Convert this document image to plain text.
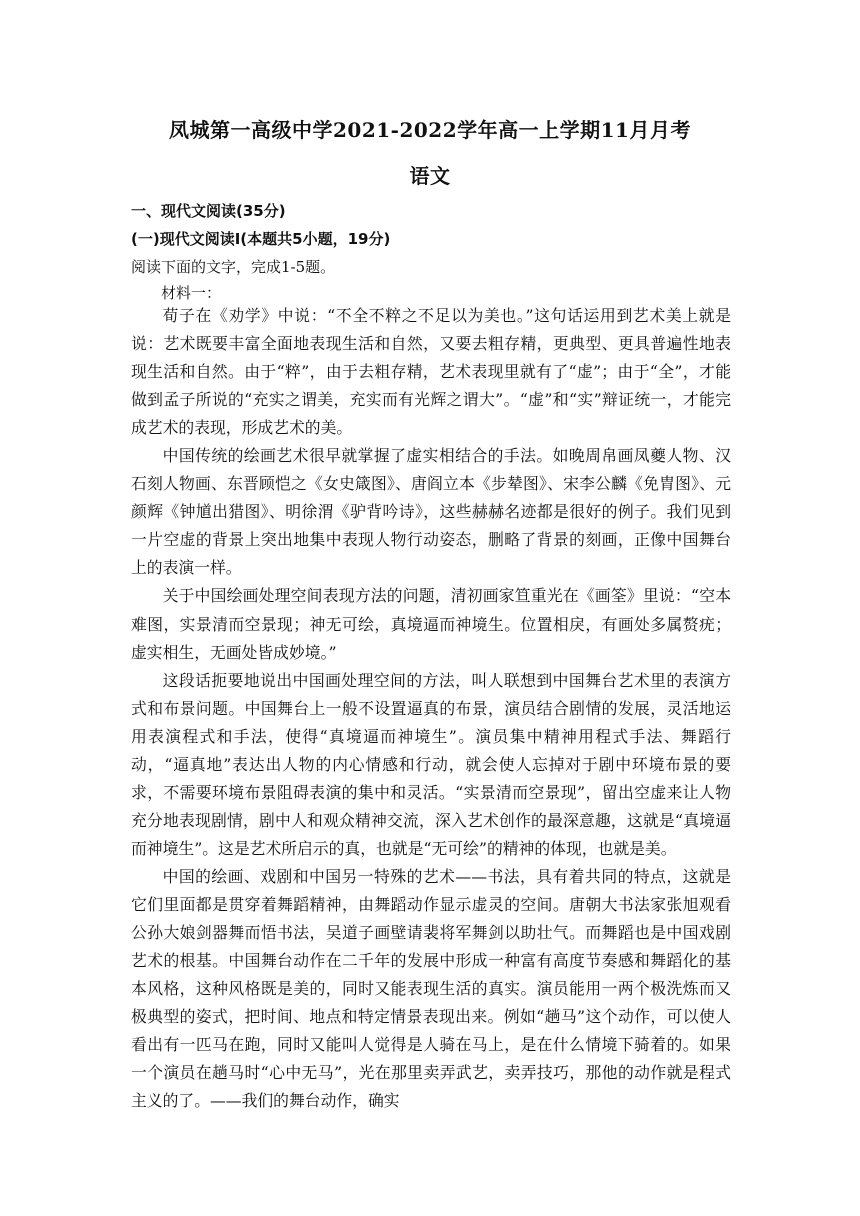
凤城第一高级中学2021-2022学年高一上学期11月月考
语文
一、现代文阅读(35分)
(一)现代文阅读Ⅰ(本题共5小题，19分)
阅读下面的文字，完成1-5题。
材料一：

荀子在《劝学》中说：“不全不粹之不足以为美也。”这句话运用到艺术美上就是说：艺术既要丰富全面地表现生活和自然，又要去粗存精，更典型、更具普遍性地表现生活和自然。由于“粹”，由于去粗存精，艺术表现里就有了“虚”；由于“全”，才能做到孟子所说的“充实之谓美，充实而有光辉之谓大”。“虚”和“实”辩证统一，才能完成艺术的表现，形成艺术的美。

中国传统的绘画艺术很早就掌握了虚实相结合的手法。如晚周帛画凤夔人物、汉石刻人物画、东晋顾恺之《女史箴图》、唐阎立本《步辇图》、宋李公麟《免胄图》、元颜辉《钟馗出猎图》、明徐渭《驴背吟诗》，这些赫赫名迹都是很好的例子。我们见到一片空虚的背景上突出地集中表现人物行动姿态，删略了背景的刻画，正像中国舞台上的表演一样。

关于中国绘画处理空间表现方法的问题，清初画家笪重光在《画筌》里说：“空本难图，实景清而空景现；神无可绘，真境逼而神境生。位置相戾，有画处多属赘疣；虚实相生，无画处皆成妙境。”

这段话扼要地说出中国画处理空间的方法，叫人联想到中国舞台艺术里的表演方式和布景问题。中国舞台上一般不设置逼真的布景，演员结合剧情的发展，灵活地运用表演程式和手法，使得“真境逼而神境生”。演员集中精神用程式手法、舞蹈行动，“逼真地”表达出人物的内心情感和行动，就会使人忘掉对于剧中环境布景的要求，不需要环境布景阻碍表演的集中和灵活。“实景清而空景现”，留出空虚来让人物充分地表现剧情，剧中人和观众精神交流，深入艺术创作的最深意趣，这就是“真境逼而神境生”。这是艺术所启示的真，也就是“无可绘”的精神的体现，也就是美。

中国的绘画、戏剧和中国另一特殊的艺术——书法，具有着共同的特点，这就是它们里面都是贯穿着舞蹈精神，由舞蹈动作显示虚灵的空间。唐朝大书法家张旭观看公孙大娘剑器舞而悟书法，吴道子画壁请裴将军舞剑以助壮气。而舞蹈也是中国戏剧艺术的根基。中国舞台动作在二千年的发展中形成一种富有高度节奏感和舞蹈化的基本风格，这种风格既是美的，同时又能表现生活的真实。演员能用一两个极洗炼而又极典型的姿式，把时间、地点和特定情景表现出来。例如“趟马”这个动作，可以使人看出有一匹马在跑，同时又能叫人觉得是人骑在马上，是在什么情境下骑着的。如果一个演员在趟马时“心中无马”，光在那里卖弄武艺，卖弄技巧，那他的动作就是程式主义的了。——我们的舞台动作，确实
